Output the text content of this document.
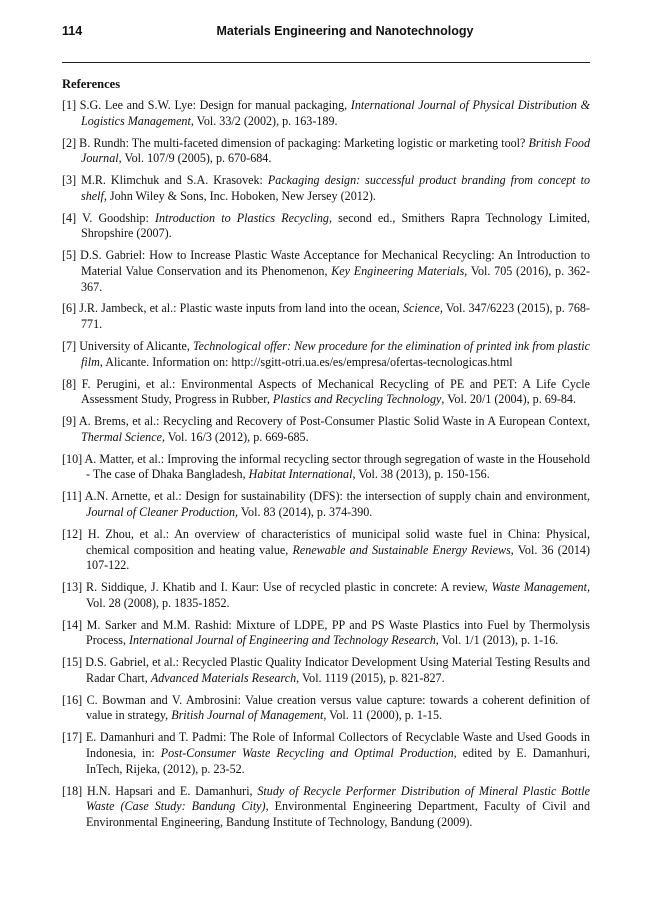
114	Materials Engineering and Nanotechnology
References

[1] S.G. Lee and S.W. Lye: Design for manual packaging, International Journal of Physical Distribution & Logistics Management, Vol. 33/2 (2002), p. 163-189.

[2] B. Rundh: The multi-faceted dimension of packaging: Marketing logistic or marketing tool? British Food Journal, Vol. 107/9 (2005), p. 670-684.

[3] M.R. Klimchuk and S.A. Krasovek: Packaging design: successful product branding from concept to shelf, John Wiley & Sons, Inc. Hoboken, New Jersey (2012).

[4] V. Goodship: Introduction to Plastics Recycling, second ed., Smithers Rapra Technology Limited, Shropshire (2007).

[5] D.S. Gabriel: How to Increase Plastic Waste Acceptance for Mechanical Recycling: An Introduction to Material Value Conservation and its Phenomenon, Key Engineering Materials, Vol. 705 (2016), p. 362-367.

[6] J.R. Jambeck, et al.: Plastic waste inputs from land into the ocean, Science, Vol. 347/6223 (2015), p. 768-771.

[7] University of Alicante, Technological offer: New procedure for the elimination of printed ink from plastic film, Alicante. Information on: http://sgitt-otri.ua.es/es/empresa/ofertas-tecnologicas.html

[8] F. Perugini, et al.: Environmental Aspects of Mechanical Recycling of PE and PET: A Life Cycle Assessment Study, Progress in Rubber, Plastics and Recycling Technology, Vol. 20/1 (2004), p. 69-84.

[9] A. Brems, et al.: Recycling and Recovery of Post-Consumer Plastic Solid Waste in A European Context, Thermal Science, Vol. 16/3 (2012), p. 669-685.

[10] A. Matter, et al.: Improving the informal recycling sector through segregation of waste in the Household - The case of Dhaka Bangladesh, Habitat International, Vol. 38 (2013), p. 150-156.

[11] A.N. Arnette, et al.: Design for sustainability (DFS): the intersection of supply chain and environment, Journal of Cleaner Production, Vol. 83 (2014), p. 374-390.

[12] H. Zhou, et al.: An overview of characteristics of municipal solid waste fuel in China: Physical, chemical composition and heating value, Renewable and Sustainable Energy Reviews, Vol. 36 (2014) 107-122.

[13] R. Siddique, J. Khatib and I. Kaur: Use of recycled plastic in concrete: A review, Waste Management, Vol. 28 (2008), p. 1835-1852.

[14] M. Sarker and M.M. Rashid: Mixture of LDPE, PP and PS Waste Plastics into Fuel by Thermolysis Process, International Journal of Engineering and Technology Research, Vol. 1/1 (2013), p. 1-16.

[15] D.S. Gabriel, et al.: Recycled Plastic Quality Indicator Development Using Material Testing Results and Radar Chart, Advanced Materials Research, Vol. 1119 (2015), p. 821-827.

[16] C. Bowman and V. Ambrosini: Value creation versus value capture: towards a coherent definition of value in strategy, British Journal of Management, Vol. 11 (2000), p. 1-15.

[17] E. Damanhuri and T. Padmi: The Role of Informal Collectors of Recyclable Waste and Used Goods in Indonesia, in: Post-Consumer Waste Recycling and Optimal Production, edited by E. Damanhuri, InTech, Rijeka, (2012), p. 23-52.

[18] H.N. Hapsari and E. Damanhuri, Study of Recycle Performer Distribution of Mineral Plastic Bottle Waste (Case Study: Bandung City), Environmental Engineering Department, Faculty of Civil and Environmental Engineering, Bandung Institute of Technology, Bandung (2009).
